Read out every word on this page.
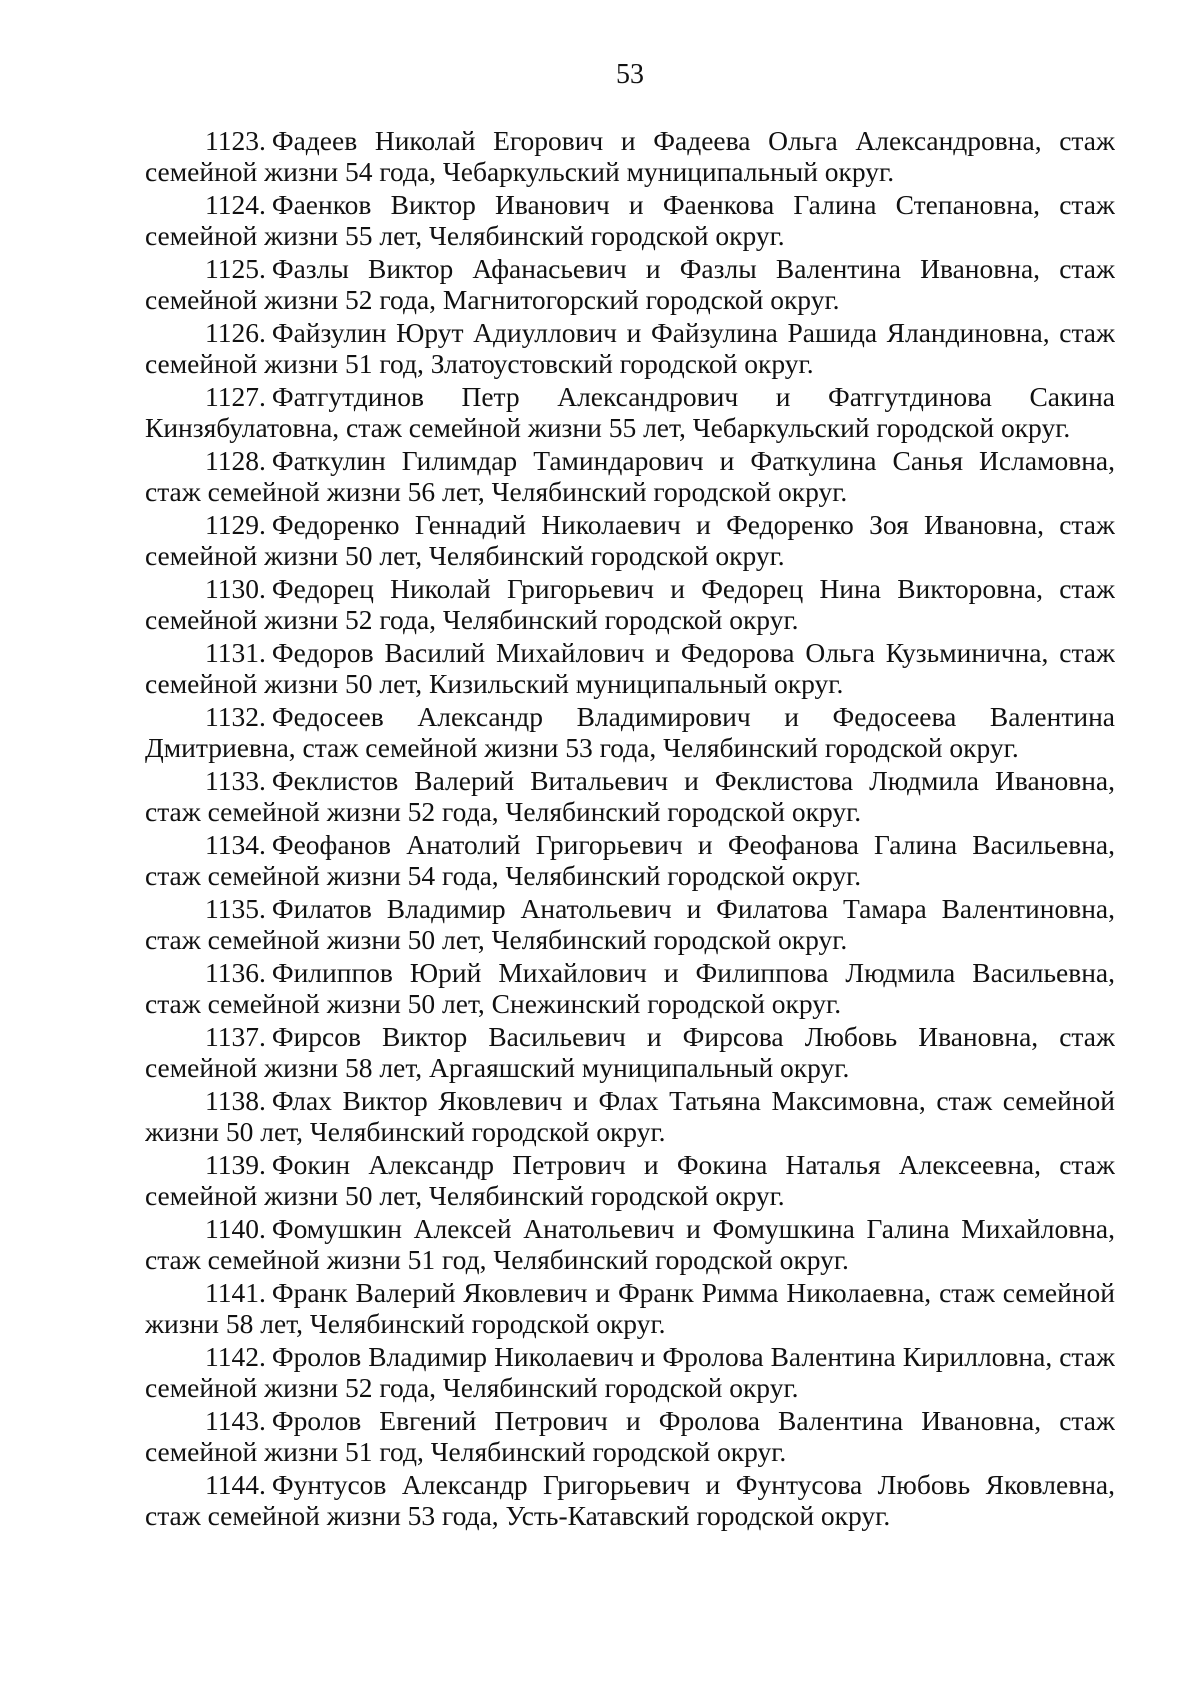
53

1123. Фадеев Николай Егорович и Фадеева Ольга Александровна, стаж семейной жизни 54 года, Чебаркульский муниципальный округ.

1124. Фаенков Виктор Иванович и Фаенкова Галина Степановна, стаж семейной жизни 55 лет, Челябинский городской округ.

1125. Фазлы Виктор Афанасьевич и Фазлы Валентина Ивановна, стаж семейной жизни 52 года, Магнитогорский городской округ.

1126. Файзулин Юрут Адиуллович и Файзулина Рашида Яландиновна, стаж семейной жизни 51 год, Златоустовский городской округ.

1127. Фатгутдинов Петр Александрович и Фатгутдинова Сакина Кинзябулатовна, стаж семейной жизни 55 лет, Чебаркульский городской округ.

1128. Фаткулин Гилимдар Таминдарович и Фаткулина Санья Исламовна, стаж семейной жизни 56 лет, Челябинский городской округ.

1129. Федоренко Геннадий Николаевич и Федоренко Зоя Ивановна, стаж семейной жизни 50 лет, Челябинский городской округ.

1130. Федорец Николай Григорьевич и Федорец Нина Викторовна, стаж семейной жизни 52 года, Челябинский городской округ.

1131. Федоров Василий Михайлович и Федорова Ольга Кузьминична, стаж семейной жизни 50 лет, Кизильский муниципальный округ.

1132. Федосеев Александр Владимирович и Федосеева Валентина Дмитриевна, стаж семейной жизни 53 года, Челябинский городской округ.

1133. Феклистов Валерий Витальевич и Феклистова Людмила Ивановна, стаж семейной жизни 52 года, Челябинский городской округ.

1134. Феофанов Анатолий Григорьевич и Феофанова Галина Васильевна, стаж семейной жизни 54 года, Челябинский городской округ.

1135. Филатов Владимир Анатольевич и Филатова Тамара Валентиновна, стаж семейной жизни 50 лет, Челябинский городской округ.

1136. Филиппов Юрий Михайлович и Филиппова Людмила Васильевна, стаж семейной жизни 50 лет, Снежинский городской округ.

1137. Фирсов Виктор Васильевич и Фирсова Любовь Ивановна, стаж семейной жизни 58 лет, Аргаяшский муниципальный округ.

1138. Флах Виктор Яковлевич и Флах Татьяна Максимовна, стаж семейной жизни 50 лет, Челябинский городской округ.

1139. Фокин Александр Петрович и Фокина Наталья Алексеевна, стаж семейной жизни 50 лет, Челябинский городской округ.

1140. Фомушкин Алексей Анатольевич и Фомушкина Галина Михайловна, стаж семейной жизни 51 год, Челябинский городской округ.

1141. Франк Валерий Яковлевич и Франк Римма Николаевна, стаж семейной жизни 58 лет, Челябинский городской округ.

1142. Фролов Владимир Николаевич и Фролова Валентина Кирилловна, стаж семейной жизни 52 года, Челябинский городской округ.

1143. Фролов Евгений Петрович и Фролова Валентина Ивановна, стаж семейной жизни 51 год, Челябинский городской округ.

1144. Фунтусов Александр Григорьевич и Фунтусова Любовь Яковлевна, стаж семейной жизни 53 года, Усть-Катавский городской округ.
